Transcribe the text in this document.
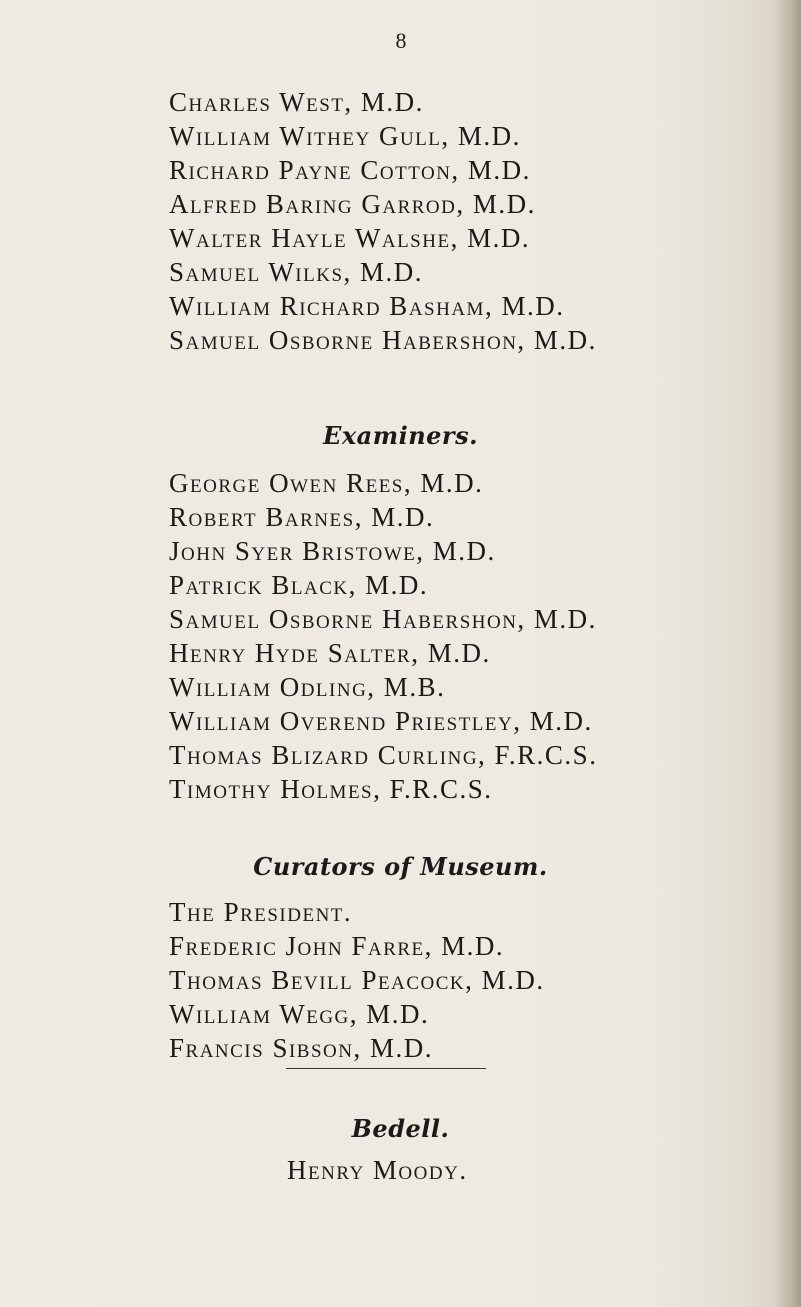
8
Charles West, M.D.
William Withey Gull, M.D.
Richard Payne Cotton, M.D.
Alfred Baring Garrod, M.D.
Walter Hayle Walshe, M.D.
Samuel Wilks, M.D.
William Richard Basham, M.D.
Samuel Osborne Habershon, M.D.
Examiners.
George Owen Rees, M.D.
Robert Barnes, M.D.
John Syer Bristowe, M.D.
Patrick Black, M.D.
Samuel Osborne Habershon, M.D.
Henry Hyde Salter, M.D.
William Odling, M.B.
William Overend Priestley, M.D.
Thomas Blizard Curling, F.R.C.S.
Timothy Holmes, F.R.C.S.
Curators of Museum.
The President.
Frederic John Farre, M.D.
Thomas Bevill Peacock, M.D.
William Wegg, M.D.
Francis Sibson, M.D.
Bedell.
Henry Moody.
